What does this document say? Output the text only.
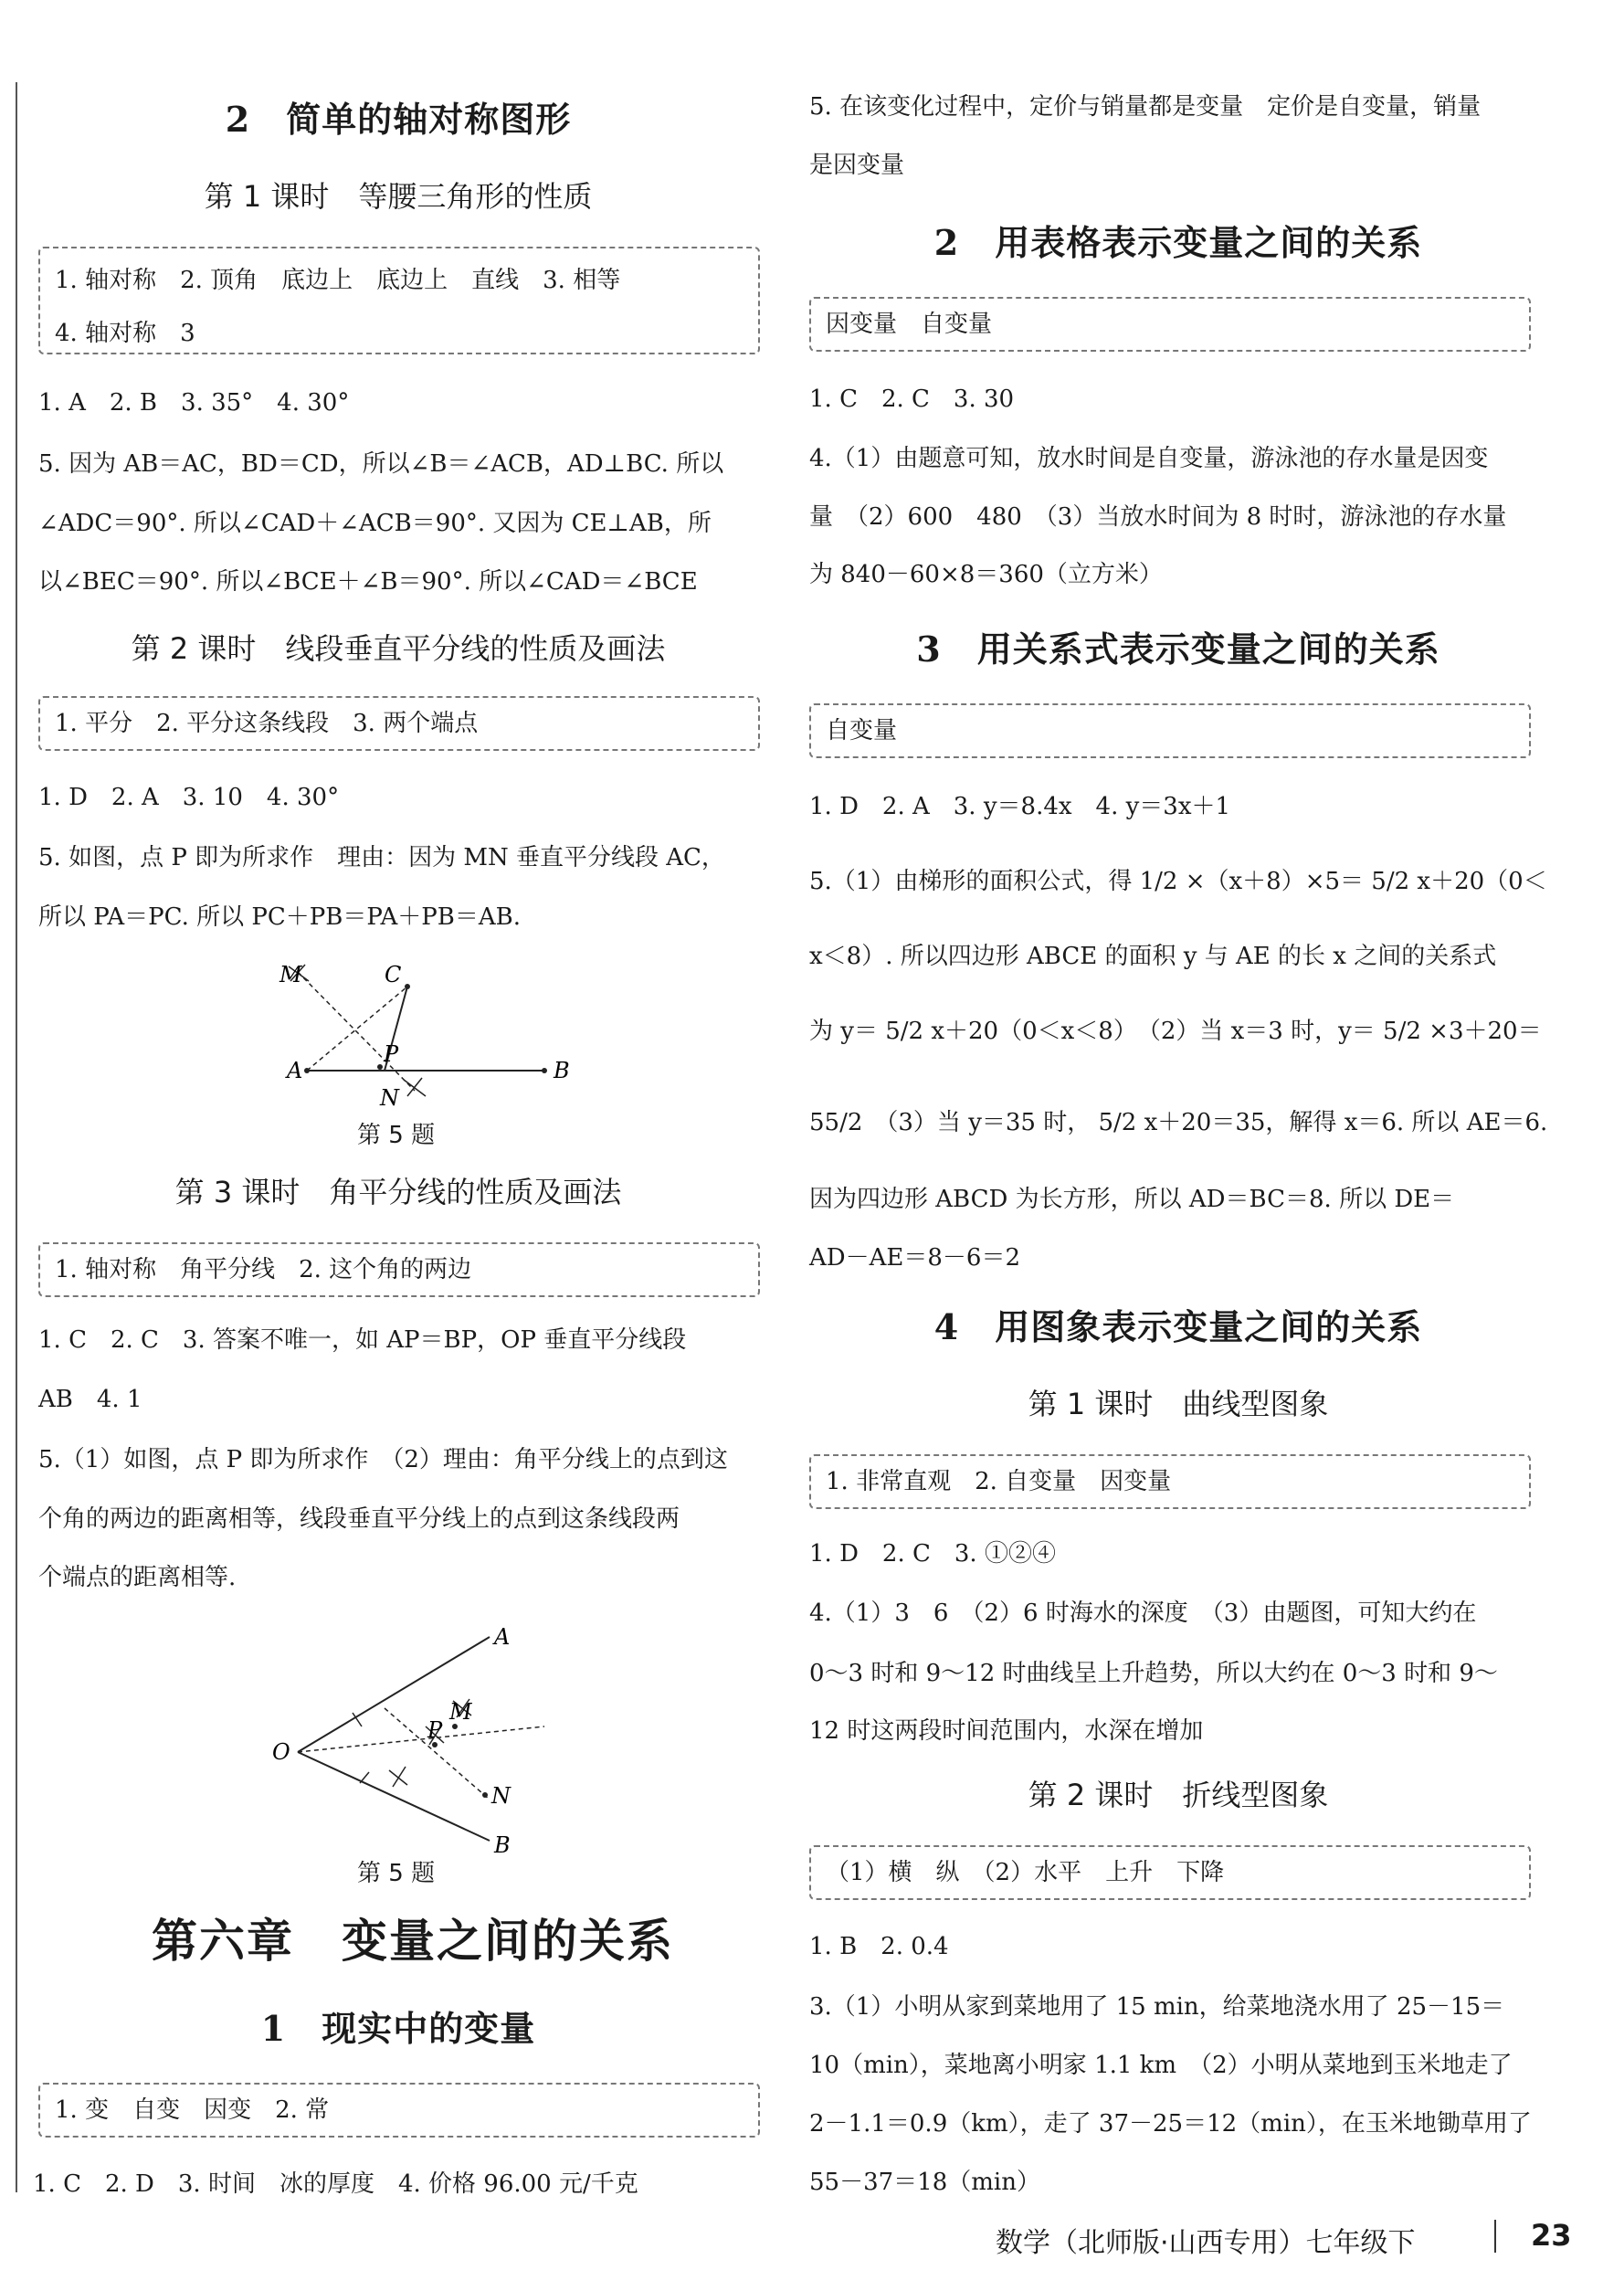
2　简单的轴对称图形
第 1 课时　等腰三角形的性质
1. 轴对称　2. 顶角　底边上　底边上　直线　3. 相等
4. 轴对称　3
1. A　2. B　3. 35°　4. 30°
5. 因为 AB＝AC，BD＝CD，所以∠B＝∠ACB，AD⊥BC. 所以
∠ADC＝90°. 所以∠CAD＋∠ACB＝90°. 又因为 CE⊥AB，所
以∠BEC＝90°. 所以∠BCE＋∠B＝90°. 所以∠CAD＝∠BCE
第 2 课时　线段垂直平分线的性质及画法
1. 平分　2. 平分这条线段　3. 两个端点
1. D　2. A　3. 10　4. 30°
5. 如图，点 P 即为所求作　理由：因为 MN 垂直平分线段 AC，
所以 PA＝PC. 所以 PC＋PB＝PA＋PB＝AB.
M	C
P
A	B
N
第 5 题
第 3 课时　角平分线的性质及画法
1. 轴对称　角平分线　2. 这个角的两边
1. C　2. C　3. 答案不唯一，如 AP＝BP，OP 垂直平分线段
AB　4. 1
5.（1）如图，点 P 即为所求作　（2）理由：角平分线上的点到这
个角的两边的距离相等，线段垂直平分线上的点到这条线段两
个端点的距离相等.
A
M
P
O
N
B
第 5 题
第六章　变量之间的关系
1　现实中的变量
1. 变　自变　因变　2. 常
1. C　2. D　3. 时间　冰的厚度　4. 价格 96.00 元/千克
5. 在该变化过程中，定价与销量都是变量　定价是自变量，销量
是因变量
2　用表格表示变量之间的关系
因变量　自变量
1. C　2. C　3. 30
4.（1）由题意可知，放水时间是自变量，游泳池的存水量是因变
量　（2）600　480　（3）当放水时间为 8 时时，游泳池的存水量
为 840－60×8＝360（立方米）
3　用关系式表示变量之间的关系
自变量
1. D　2. A　3. y＝8.4x　4. y＝3x＋1
5.（1）由梯形的面积公式，得 1/2 ×（x＋8）×5＝ 5/2 x＋20（0＜
x＜8）. 所以四边形 ABCE 的面积 y 与 AE 的长 x 之间的关系式
为 y＝ 5/2 x＋20（0＜x＜8）　（2）当 x＝3 时，y＝ 5/2 ×3＋20＝
55/2　（3）当 y＝35 时， 5/2 x＋20＝35，解得 x＝6. 所以 AE＝6.
因为四边形 ABCD 为长方形，所以 AD＝BC＝8. 所以 DE＝
AD－AE＝8－6＝2
4　用图象表示变量之间的关系
第 1 课时　曲线型图象
1. 非常直观　2. 自变量　因变量
1. D　2. C　3. ①②④
4.（1）3　6　（2）6 时海水的深度　（3）由题图，可知大约在
0～3 时和 9～12 时曲线呈上升趋势，所以大约在 0～3 时和 9～
12 时这两段时间范围内，水深在增加
第 2 课时　折线型图象
（1）横　纵　（2）水平　上升　下降
1. B　2. 0.4
3.（1）小明从家到菜地用了 15 min，给菜地浇水用了 25－15＝
10（min），菜地离小明家 1.1 km　（2）小明从菜地到玉米地走了
2－1.1＝0.9（km），走了 37－25＝12（min），在玉米地锄草用了
55－37＝18（min）
数学（北师版·山西专用）七年级下	23
